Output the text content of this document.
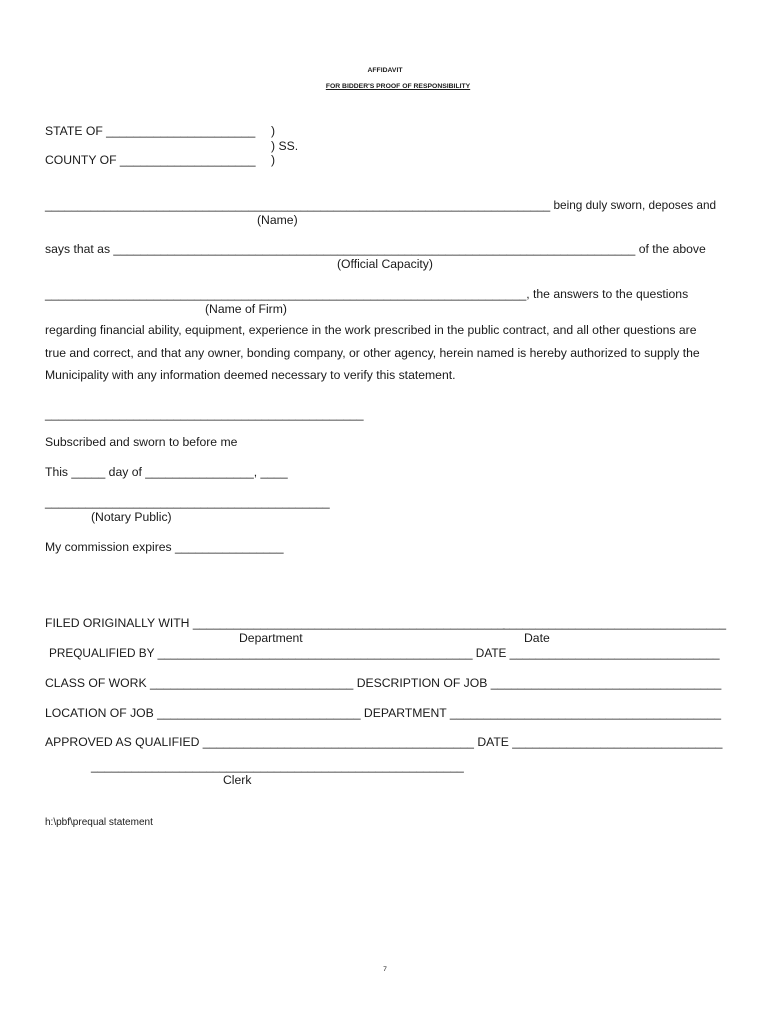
AFFIDAVIT
FOR BIDDER'S PROOF OF RESPONSIBILITY
STATE OF ______________________ )
) SS.
COUNTY OF ____________________ )
_____________________________________________________________________________ being duly sworn, deposes and
(Name)
says that as _____________________________________________________________________________ of the above
(Official Capacity)
_______________________________________________________________________, the answers to the questions
(Name of Firm)
regarding financial ability, equipment, experience in the work prescribed in the public contract, and all other questions are
true and correct, and that any owner, bonding company, or other agency, herein named is hereby authorized to supply the
Municipality with any information deemed necessary to verify this statement.
_______________________________________________
Subscribed and sworn to before me
This _____ day of ________________, ____
__________________________________________
(Notary Public)
My commission expires ________________
FILED ORIGINALLY WITH ______________________________________________
__________________________________
Department	Date
PREQUALIFIED BY ________________________________________________ DATE ________________________________
CLASS OF WORK ______________________________ DESCRIPTION OF JOB __________________________________
LOCATION OF JOB ______________________________ DEPARTMENT ________________________________________
APPROVED AS QUALIFIED ________________________________________ DATE _______________________________
_______________________________________________________
Clerk
h:\pbf\prequal statement
7
